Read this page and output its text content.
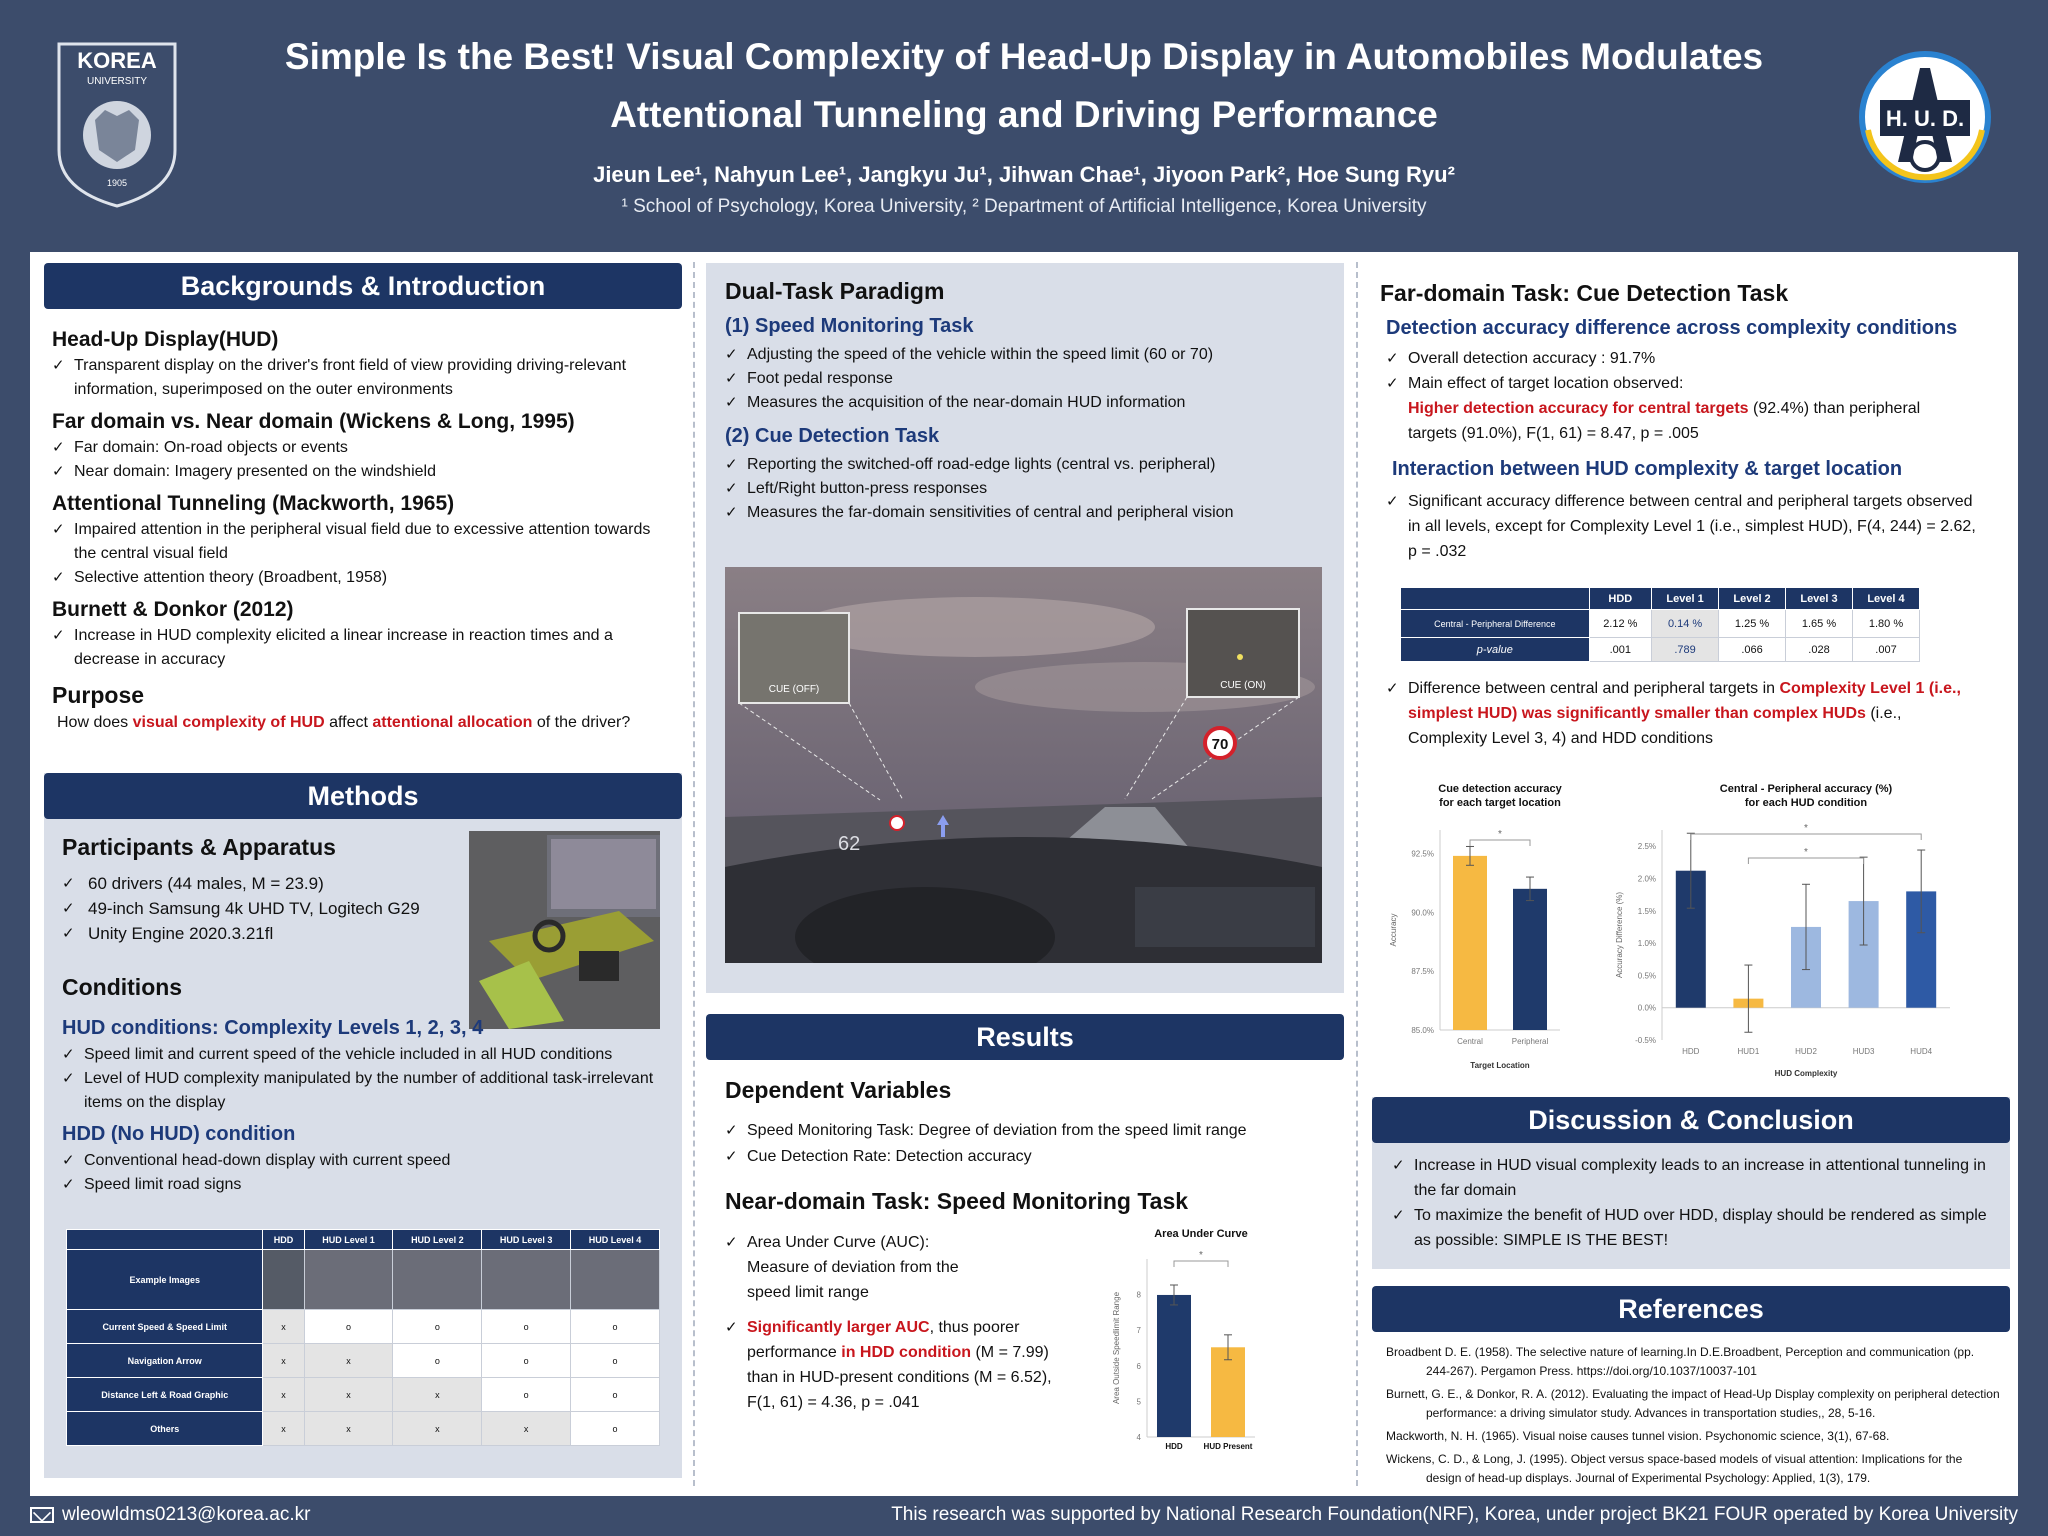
KOREA
UNIVERSITY
1905
Simple Is the Best! Visual Complexity of Head-Up Display in Automobiles Modulates
Attentional Tunneling and Driving Performance
Jieun Lee¹, Nahyun Lee¹, Jangkyu Ju¹, Jihwan Chae¹, Jiyoon Park², Hoe Sung Ryu²
¹ School of Psychology, Korea University, ² Department of Artificial Intelligence, Korea University
H. U. D.
Backgrounds & Introduction
Head-Up Display(HUD)
✓ Transparent display on the driver's front field of view providing driving-relevant information, superimposed on the outer environments
Far domain vs. Near domain (Wickens & Long, 1995)
✓ Far domain: On-road objects or events
✓ Near domain: Imagery presented on the windshield
Attentional Tunneling (Mackworth, 1965)
✓ Impaired attention in the peripheral visual field due to excessive attention towards the central visual field
✓ Selective attention theory (Broadbent, 1958)
Burnett & Donkor (2012)
✓ Increase in HUD complexity elicited a linear increase in reaction times and a decrease in accuracy
Purpose
How does visual complexity of HUD affect attentional allocation of the driver?
Methods
Participants & Apparatus
✓ 60 drivers (44 males, M = 23.9)
✓ 49-inch Samsung 4k UHD TV, Logitech G29
✓ Unity Engine 2020.3.21fl
Conditions
HUD conditions: Complexity Levels 1, 2, 3, 4
✓ Speed limit and current speed of the vehicle included in all HUD conditions
✓ Level of HUD complexity manipulated by the number of additional task-irrelevant items on the display
HDD (No HUD) condition
✓ Conventional head-down display with current speed
✓ Speed limit road signs
	HDD	HUD Level 1	HUD Level 2	HUD Level 3	HUD Level 4
Example Images					
Current Speed & Speed Limit	x	o	o	o	o
Navigation Arrow	x	x	o	o	o
Distance Left & Road Graphic	x	x	x	o	o
Others	x	x	x	x	o
Dual-Task Paradigm
(1) Speed Monitoring Task
✓ Adjusting the speed of the vehicle within the speed limit (60 or 70)
✓ Foot pedal response
✓ Measures the acquisition of the near-domain HUD information
(2) Cue Detection Task
✓ Reporting the switched-off road-edge lights (central vs. peripheral)
✓ Left/Right button-press responses
✓ Measures the far-domain sensitivities of central and peripheral vision
CUE (OFF)	CUE (ON)
70
62
Results
Dependent Variables
✓ Speed Monitoring Task: Degree of deviation from the speed limit range
✓ Cue Detection Rate: Detection accuracy
Near-domain Task: Speed Monitoring Task
✓ Area Under Curve (AUC):
Measure of deviation from the
speed limit range
✓ Significantly larger AUC, thus poorer
performance in HDD condition (M = 7.99)
than in HUD-present conditions (M = 6.52),
F(1, 61) = 4.36, p = .041
Area Under Curve
4
5
6
7
8
Area Outside Speedlimit Range
HDD	HUD Present
*
Far-domain Task: Cue Detection Task
Detection accuracy difference across complexity conditions
✓ Overall detection accuracy : 91.7%
✓ Main effect of target location observed:
Higher detection accuracy for central targets (92.4%) than peripheral
targets (91.0%), F(1, 61) = 8.47, p = .005
Interaction between HUD complexity & target location
✓ Significant accuracy difference between central and peripheral targets observed in all levels, except for Complexity Level 1 (i.e., simplest HUD), F(4, 244) = 2.62, p = .032
	HDD	Level 1	Level 2	Level 3	Level 4
Central - Peripheral Difference	2.12 %	0.14 %	1.25 %	1.65 %	1.80 %
p-value	.001	.789	.066	.028	.007
✓ Difference between central and peripheral targets in Complexity Level 1 (i.e., simplest HUD) was significantly smaller than complex HUDs (i.e., Complexity Level 3, 4) and HDD conditions
Cue detection accuracy
for each target location
85.0%
87.5%
90.0%
92.5%
Accuracy
Central	Peripheral
Target Location
*
Central - Peripheral accuracy (%)
for each HUD condition
-0.5%
0.0%
0.5%
1.0%
1.5%
2.0%
2.5%
Accuracy Difference (%)
HDD	HUD1	HUD2	HUD3	HUD4
HUD Complexity
*
*
Discussion & Conclusion
✓ Increase in HUD visual complexity leads to an increase in attentional tunneling in the far domain
✓ To maximize the benefit of HUD over HDD, display should be rendered as simple as possible: SIMPLE IS THE BEST!
References

Broadbent D. E. (1958). The selective nature of learning.In D.E.Broadbent, Perception and communication (pp. 244-267). Pergamon Press. https://doi.org/10.1037/10037-101

Burnett, G. E., & Donkor, R. A. (2012). Evaluating the impact of Head-Up Display complexity on peripheral detection performance: a driving simulator study. Advances in transportation studies,, 28, 5-16.

Mackworth, N. H. (1965). Visual noise causes tunnel vision. Psychonomic science, 3(1), 67-68.

Wickens, C. D., & Long, J. (1995). Object versus space-based models of visual attention: Implications for the design of head-up displays. Journal of Experimental Psychology: Applied, 1(3), 179.

wleowldms0213@korea.ac.kr	This research was supported by National Research Foundation(NRF), Korea, under project BK21 FOUR operated by Korea University
